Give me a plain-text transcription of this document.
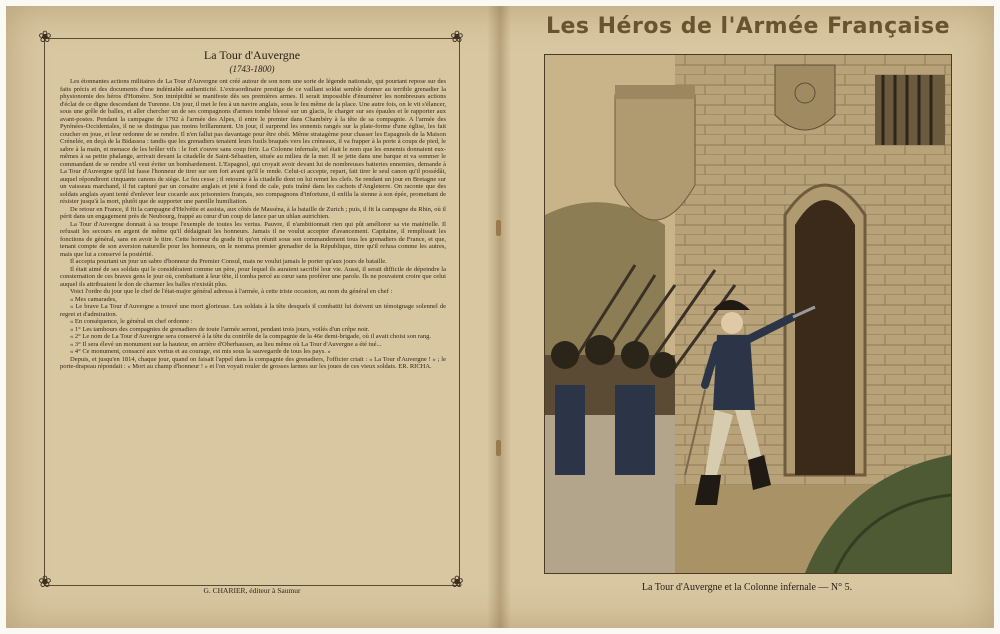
❀	❀
❀	❀
La Tour d'Auvergne
(1743-1800)

Les étonnantes actions militaires de La Tour d'Auvergne ont créé autour de son nom une sorte de légende nationale, qui pourtant repose sur des faits précis et des documents d'une indéniable authenticité. L'extraordinaire prestige de ce vaillant soldat semble donner au terrible grenadier la physionomie des héros d'Homère. Son intrépidité se manifeste dès ses premières armes. Il serait impossible d'énumérer les nombreuses actions d'éclat de ce digne descendant de Turenne. Un jour, il met le feu à un navire anglais, sous le feu même de la place. Une autre fois, on le vit s'élancer, sous une grêle de balles, et aller chercher un de ses compagnons d'armes tombé blessé sur un glacis, le charger sur ses épaules et le rapporter aux avant-postes. Pendant la campagne de 1792 à l'armée des Alpes, il entre le premier dans Chambéry à la tête de sa compagnie. A l'armée des Pyrénées-Occidentales, il ne se distingua pas moins brillamment. Un jour, il surprend les ennemis rangés sur la plate-forme d'une église, les fait coucher en joue, et leur ordonne de se rendre. Il n'en fallut pas davantage pour être obéi. Même stratagème pour chasser les Espagnols de la Maison Crénelée, en deçà de la Bidassoa : tandis que les grenadiers tenaient leurs fusils braqués vers les créneaux, il va frapper à la porte à coups de pied, le sabre à la main, et menace de les brûler vifs : le fort s'ouvre sans coup férir. La Colonne infernale, tel était le nom que les ennemis donnaient eux-mêmes à sa petite phalange, arrivait devant la citadelle de Saint-Sébastien, située au milieu de la mer. Il se jette dans une barque et va sommer le commandant de se rendre s'il veut éviter un bombardement. L'Espagnol, qui croyait avoir devant lui de nombreuses batteries ennemies, demande à La Tour d'Auvergne qu'il lui fasse l'honneur de tirer sur son fort avant qu'il le rende. Celui-ci accepte, repart, fait tirer le seul canon qu'il possédât, auquel répondirent cinquante canons de siège. Le feu cesse ; il retourne à la citadelle dont on lui remet les clefs. Se rendant un jour en Bretagne sur un vaisseau marchand, il fut capturé par un corsaire anglais et jeté à fond de cale, puis traîné dans les cachots d'Angleterre. On raconte que des soldats anglais ayant tenté d'enlever leur cocarde aux prisonniers français, ses compagnons d'infortune, il enfila la sienne à son épée, promettant de résister jusqu'à la mort, plutôt que de supporter une pareille humiliation.

De retour en France, il fit la campagne d'Helvétie et assista, aux côtés de Masséna, à la bataille de Zurich ; puis, il fit la campagne du Rhin, où il périt dans un engagement près de Neubourg, frappé au cœur d'un coup de lance par un uhlan autrichien.

La Tour d'Auvergne donnait à sa troupe l'exemple de toutes les vertus. Pauvre, il n'ambitionnait rien qui pût améliorer sa vie matérielle. Il refusait les secours en argent de même qu'il dédaignait les honneurs. Jamais il ne voulut accepter d'avancement. Capitaine, il remplissait les fonctions de général, sans en avoir le titre. Cette horreur du grade fit qu'on réunit sous son commandement tous les grenadiers de France, et que, tenant compte de son aversion naturelle pour les honneurs, on le nomma premier grenadier de la République, titre qu'il refusa comme les autres, mais que lui a conservé la postérité.

Il accepta pourtant un jour un sabre d'honneur du Premier Consul, mais ne voulut jamais le porter qu'aux jours de bataille.

Il était aimé de ses soldats qui le considéraient comme un père, pour lequel ils auraient sacrifié leur vie. Aussi, il serait difficile de dépeindre la consternation de ces braves gens le jour où, combattant à leur tête, il tomba percé au cœur sans proférer une parole. Ils ne pouvaient croire que celui auquel ils attribuaient le don de charmer les balles n'existât plus.

Voici l'ordre du jour que le chef de l'état-major général adressa à l'armée, à cette triste occasion, au nom du général en chef :

« Mes camarades,

« Le brave La Tour d'Auvergne a trouvé une mort glorieuse. Les soldats à la tête desquels il combattit lui doivent un témoignage solennel de regret et d'admiration.

« En conséquence, le général en chef ordonne :

« 1° Les tambours des compagnies de grenadiers de toute l'armée seront, pendant trois jours, voilés d'un crêpe noir.

« 2° Le nom de La Tour d'Auvergne sera conservé à la tête du contrôle de la compagnie de la 46e demi-brigade, où il avait choisi son rang.

« 3° Il sera élevé un monument sur la hauteur, en arrière d'Oberhausen, au lieu même où La Tour d'Auvergne a été tué...

« 4° Ce monument, consacré aux vertus et au courage, est mis sous la sauvegarde de tous les pays. »

Depuis, et jusqu'en 1814, chaque jour, quand on faisait l'appel dans la compagnie des grenadiers, l'officier criait : « La Tour d'Auvergne ! » ; le porte-drapeau répondait : « Mort au champ d'honneur ! » et l'on voyait rouler de grosses larmes sur les joues de ces vieux soldats. ER. RICHA.

G. CHARIER, éditeur à Saumur
Les Héros de l'Armée Française
La Tour d'Auvergne et la Colonne infernale — N° 5.
